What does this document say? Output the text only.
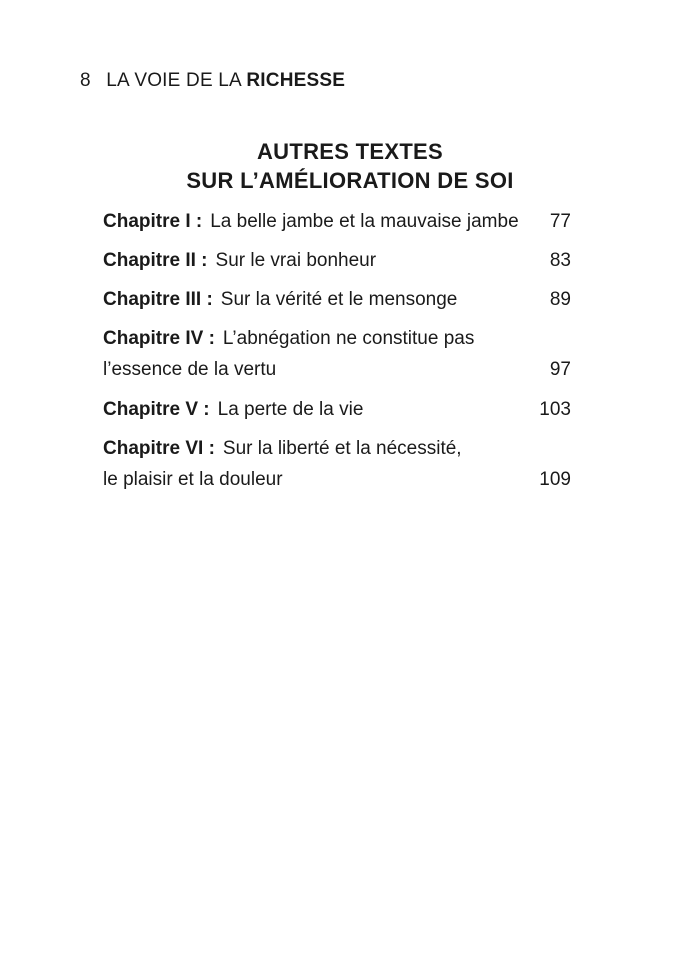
8 LA VOIE DE LA RICHESSE
AUTRES TEXTES
SUR L’AMÉLIORATION DE SOI
Chapitre I : La belle jambe et la mauvaise jambe 77
Chapitre II : Sur le vrai bonheur	83
Chapitre III : Sur la vérité et le mensonge	89
Chapitre IV : L’abnégation ne constitue pas
l’essence de la vertu	97
Chapitre V : La perte de la vie	103
Chapitre VI : Sur la liberté et la nécessité,
le plaisir et la douleur	109
